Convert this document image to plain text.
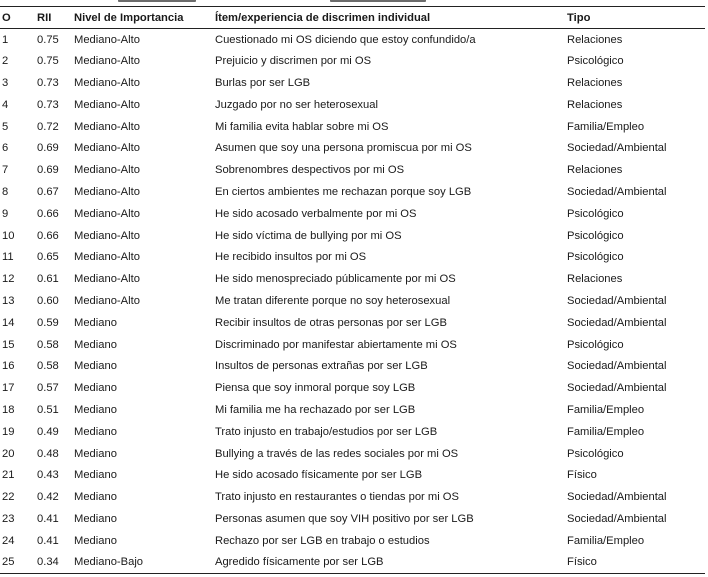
O	RII	Nivel de Importancia	Ítem/experiencia de discrimen individual	Tipo
1	0.75	Mediano-Alto	Cuestionado mi OS diciendo que estoy confundido/a	Relaciones
2	0.75	Mediano-Alto	Prejuicio y discrimen por mi OS	Psicológico
3	0.73	Mediano-Alto	Burlas por ser LGB	Relaciones
4	0.73	Mediano-Alto	Juzgado por no ser heterosexual	Relaciones
5	0.72	Mediano-Alto	Mi familia evita hablar sobre mi OS	Familia/Empleo
6	0.69	Mediano-Alto	Asumen que soy una persona promiscua por mi OS	Sociedad/Ambiental
7	0.69	Mediano-Alto	Sobrenombres despectivos por mi OS	Relaciones
8	0.67	Mediano-Alto	En ciertos ambientes me rechazan porque soy LGB	Sociedad/Ambiental
9	0.66	Mediano-Alto	He sido acosado verbalmente por mi OS	Psicológico
10	0.66	Mediano-Alto	He sido víctima de bullying por mi OS	Psicológico
11	0.65	Mediano-Alto	He recibido insultos por mi OS	Psicológico
12	0.61	Mediano-Alto	He sido menospreciado públicamente por mi OS	Relaciones
13	0.60	Mediano-Alto	Me tratan diferente porque no soy heterosexual	Sociedad/Ambiental
14	0.59	Mediano	Recibir insultos de otras personas por ser LGB	Sociedad/Ambiental
15	0.58	Mediano	Discriminado por manifestar abiertamente mi OS	Psicológico
16	0.58	Mediano	Insultos de personas extrañas por ser LGB	Sociedad/Ambiental
17	0.57	Mediano	Piensa que soy inmoral porque soy LGB	Sociedad/Ambiental
18	0.51	Mediano	Mi familia me ha rechazado por ser LGB	Familia/Empleo
19	0.49	Mediano	Trato injusto en trabajo/estudios por ser LGB	Familia/Empleo
20	0.48	Mediano	Bullying a través de las redes sociales por mi OS	Psicológico
21	0.43	Mediano	He sido acosado físicamente por ser LGB	Físico
22	0.42	Mediano	Trato injusto en restaurantes o tiendas por mi OS	Sociedad/Ambiental
23	0.41	Mediano	Personas asumen que soy VIH positivo por ser LGB	Sociedad/Ambiental
24	0.41	Mediano	Rechazo por ser LGB en trabajo o estudios	Familia/Empleo
25	0.34	Mediano-Bajo	Agredido físicamente por ser LGB	Físico
